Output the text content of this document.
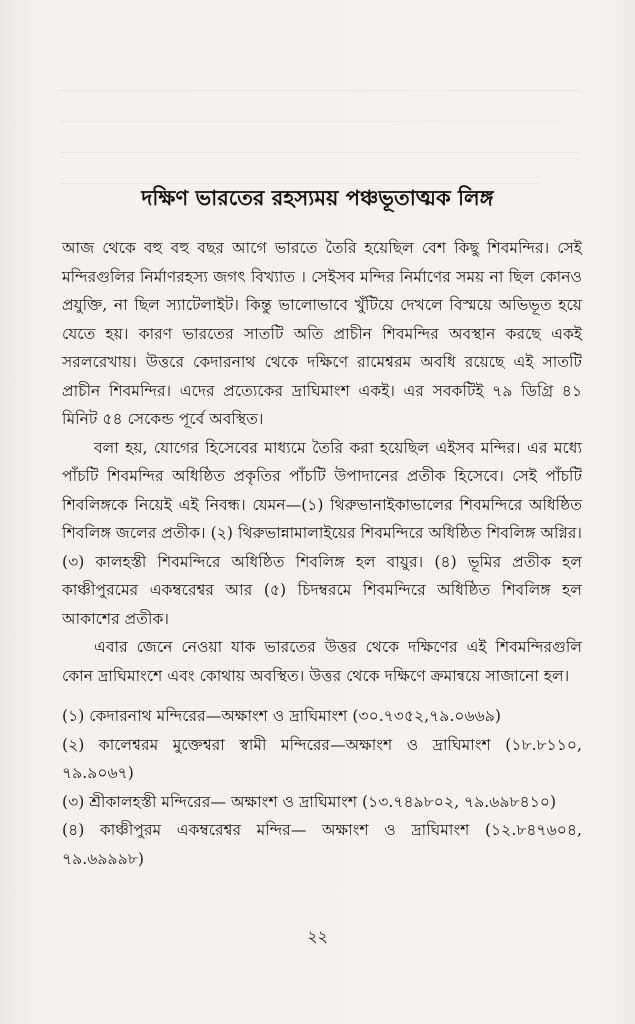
দক্ষিণ ভারতের রহস্যময় পঞ্চভূতাত্মক লিঙ্গ

আজ থেকে বহু বহু বছর আগে ভারতে তৈরি হয়েছিল বেশ কিছু শিবমন্দির। সেই মন্দিরগুলির নির্মাণরহস্য জগৎ বিখ্যাত । সেইসব মন্দির নির্মাণের সময় না ছিল কোনও প্রযুক্তি, না ছিল স্যাটেলাইট। কিন্তু ভালোভাবে খুঁটিয়ে দেখলে বিস্ময়ে অভিভূত হয়ে যেতে হয়। কারণ ভারতের সাতটি অতি প্রাচীন শিবমন্দির অবস্থান করছে একই সরলরেখায়। উত্তরে কেদারনাথ থেকে দক্ষিণে রামেশ্বরম অবধি রয়েছে এই সাতটি প্রাচীন শিবমন্দির। এদের প্রত্যেকের দ্রাঘিমাংশ একই। এর সবকটিই ৭৯ ডিগ্রি ৪১ মিনিট ৫৪ সেকেন্ড পূর্বে অবস্থিত।

বলা হয়, যোগের হিসেবের মাধ্যমে তৈরি করা হয়েছিল এইসব মন্দির। এর মধ্যে পাঁচটি শিবমন্দির অধিষ্ঠিত প্রকৃতির পাঁচটি উপাদানের প্রতীক হিসেবে। সেই পাঁচটি শিবলিঙ্গকে নিয়েই এই নিবন্ধ। যেমন—(১) থিরুভানাইকাভালের শিবমন্দিরে অধিষ্ঠিত শিবলিঙ্গ জলের প্রতীক। (২) থিরুভান্নামালাইয়ের শিবমন্দিরে অধিষ্ঠিত শিবলিঙ্গ অগ্নির। (৩) কালহস্তী শিবমন্দিরে অধিষ্ঠিত শিবলিঙ্গ হল বায়ুর। (৪) ভূমির প্রতীক হল কাঞ্চীপুরমের একম্বরেশ্বর আর (৫) চিদম্বরমে শিবমন্দিরে অধিষ্ঠিত শিবলিঙ্গ হল আকাশের প্রতীক।

এবার জেনে নেওয়া যাক ভারতের উত্তর থেকে দক্ষিণের এই শিবমন্দিরগুলি কোন দ্রাঘিমাংশে এবং কোথায় অবস্থিত। উত্তর থেকে দক্ষিণে ক্রমান্বয়ে সাজানো হল।

(১) কেদারনাথ মন্দিরের—অক্ষাংশ ও দ্রাঘিমাংশ (৩০.৭৩৫২,৭৯.০৬৬৯)

(২) কালেশ্বরম মুক্তেশ্বরা স্বামী মন্দিরের—অক্ষাংশ ও দ্রাঘিমাংশ (১৮.৮১১০, ৭৯.৯০৬৭)

(৩) শ্রীকালহস্তী মন্দিরের— অক্ষাংশ ও দ্রাঘিমাংশ (১৩.৭৪৯৮০২, ৭৯.৬৯৮৪১০)

(৪) কাঞ্চীপুরম একম্বরেশ্বর মন্দির— অক্ষাংশ ও দ্রাঘিমাংশ (১২.৮৪৭৬০৪, ৭৯.৬৯৯৯৮)

২২
